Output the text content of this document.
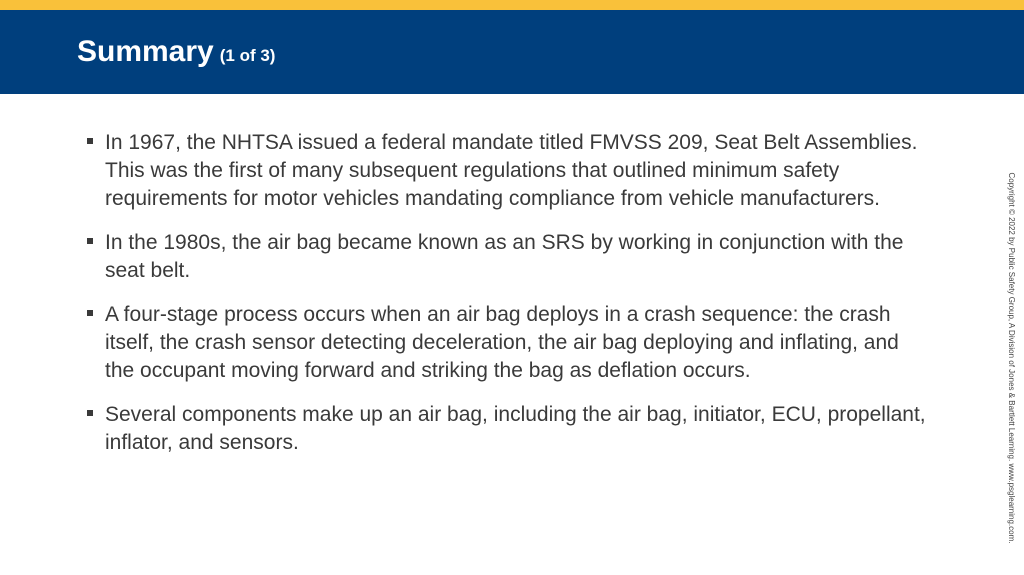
Summary (1 of 3)
In 1967, the NHTSA issued a federal mandate titled FMVSS 209, Seat Belt Assemblies. This was the first of many subsequent regulations that outlined minimum safety requirements for motor vehicles mandating compliance from vehicle manufacturers.
In the 1980s, the air bag became known as an SRS by working in conjunction with the seat belt.
A four-stage process occurs when an air bag deploys in a crash sequence: the crash itself, the crash sensor detecting deceleration, the air bag deploying and inflating, and the occupant moving forward and striking the bag as deflation occurs.
Several components make up an air bag, including the air bag, initiator, ECU, propellant, inflator, and sensors.	Copyright © 2022 by Public Safety Group, A Division of Jones & Bartlett Learning. www.psglearning.com.
